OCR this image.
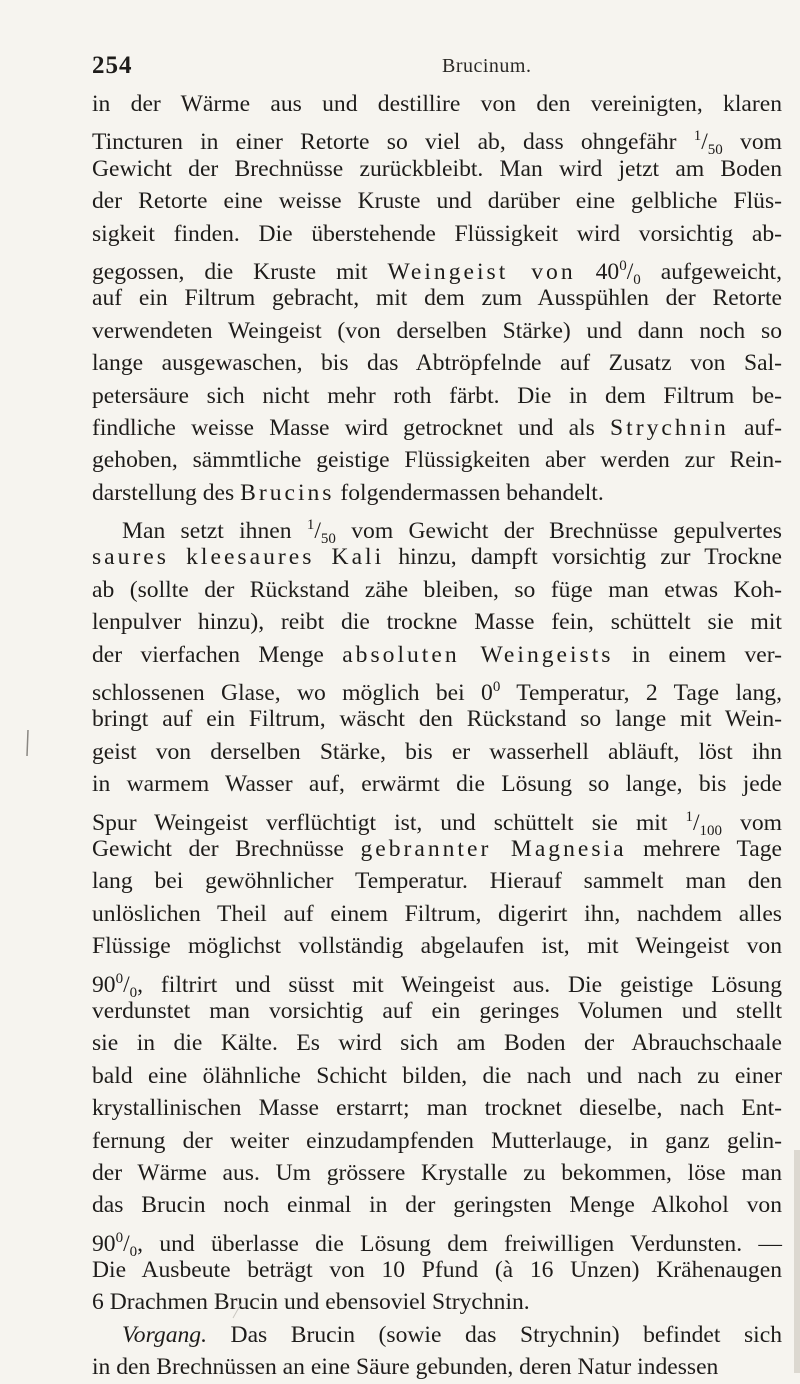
254	Brucinum.
in der Wärme aus und destillire von den vereinigten, klaren
Tincturen in einer Retorte so viel ab, dass ohngefähr $^1/_{50}$ vom
Gewicht der Brechnüsse zurückbleibt. Man wird jetzt am Boden
der Retorte eine weisse Kruste und darüber eine gelbliche Flüs-
sigkeit finden. Die überstehende Flüssigkeit wird vorsichtig ab-
gegossen, die Kruste mit Weingeist von $40^0/_0$ aufgeweicht,
auf ein Filtrum gebracht, mit dem zum Ausspühlen der Retorte
verwendeten Weingeist (von derselben Stärke) und dann noch so
lange ausgewaschen, bis das Abtröpfelnde auf Zusatz von Sal-
petersäure sich nicht mehr roth färbt. Die in dem Filtrum be-
findliche weisse Masse wird getrocknet und als Strychnin auf-
gehoben, sämmtliche geistige Flüssigkeiten aber werden zur Rein-
darstellung des Brucins folgendermassen behandelt.
Man setzt ihnen $^1/_{50}$ vom Gewicht der Brechnüsse gepulvertes
saures kleesaures Kali hinzu, dampft vorsichtig zur Trockne
ab (sollte der Rückstand zähe bleiben, so füge man etwas Koh-
lenpulver hinzu), reibt die trockne Masse fein, schüttelt sie mit
der vierfachen Menge absoluten Weingeists in einem ver-
schlossenen Glase, wo möglich bei $0^0$ Temperatur, 2 Tage lang,
bringt auf ein Filtrum, wäscht den Rückstand so lange mit Wein-
geist von derselben Stärke, bis er wasserhell abläuft, löst ihn
in warmem Wasser auf, erwärmt die Lösung so lange, bis jede
Spur Weingeist verflüchtigt ist, und schüttelt sie mit $^1/_{100}$ vom
Gewicht der Brechnüsse gebrannter Magnesia mehrere Tage
lang bei gewöhnlicher Temperatur. Hierauf sammelt man den
unlöslichen Theil auf einem Filtrum, digerirt ihn, nachdem alles
Flüssige möglichst vollständig abgelaufen ist, mit Weingeist von
$90^0/_0$, filtrirt und süsst mit Weingeist aus. Die geistige Lösung
verdunstet man vorsichtig auf ein geringes Volumen und stellt
sie in die Kälte. Es wird sich am Boden der Abrauchschaale
bald eine ölähnliche Schicht bilden, die nach und nach zu einer
krystallinischen Masse erstarrt; man trocknet dieselbe, nach Ent-
fernung der weiter einzudampfenden Mutterlauge, in ganz gelin-
der Wärme aus. Um grössere Krystalle zu bekommen, löse man
das Brucin noch einmal in der geringsten Menge Alkohol von
$90^0/_0$, und überlasse die Lösung dem freiwilligen Verdunsten. —
Die Ausbeute beträgt von 10 Pfund (à 16 Unzen) Krähenaugen
6 Drachmen Brucin und ebensoviel Strychnin.
Vorgang. Das Brucin (sowie das Strychnin) befindet sich
in den Brechnüssen an eine Säure gebunden, deren Natur indessen
